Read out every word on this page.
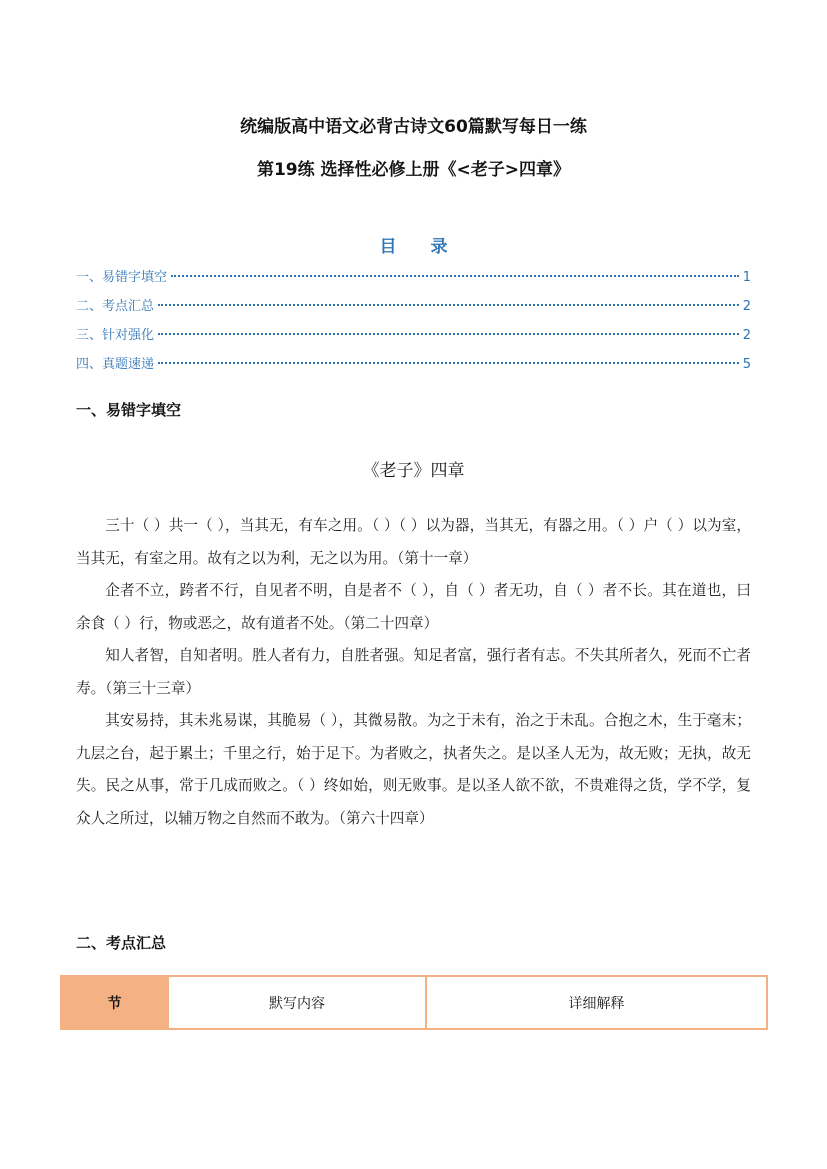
统编版高中语文必背古诗文60篇默写每日一练
第19练 选择性必修上册《<老子>四章》
目 录
一、易错字填空	1
二、考点汇总	2
三、针对强化	2
四、真题速递	5
一、易错字填空
《老子》四章

三十（ ）共一（ ），当其无，有车之用。（ ）（ ）以为器，当其无，有器之用。（ ）户（ ）以为室，当其无，有室之用。故有之以为利，无之以为用。（第十一章）

企者不立，跨者不行，自见者不明，自是者不（ ），自（ ）者无功，自（ ）者不长。其在道也，曰余食（ ）行，物或恶之，故有道者不处。（第二十四章）

知人者智，自知者明。胜人者有力，自胜者强。知足者富，强行者有志。不失其所者久，死而不亡者寿。（第三十三章）

其安易持，其未兆易谋，其脆易（ ），其微易散。为之于未有，治之于未乱。合抱之木，生于毫末；九层之台，起于累土；千里之行，始于足下。为者败之，执者失之。是以圣人无为，故无败；无执，故无失。民之从事，常于几成而败之。（ ）终如始，则无败事。是以圣人欲不欲，不贵难得之货，学不学，复众人之所过，以辅万物之自然而不敢为。（第六十四章）

二、考点汇总
节	默写内容	详细解释
